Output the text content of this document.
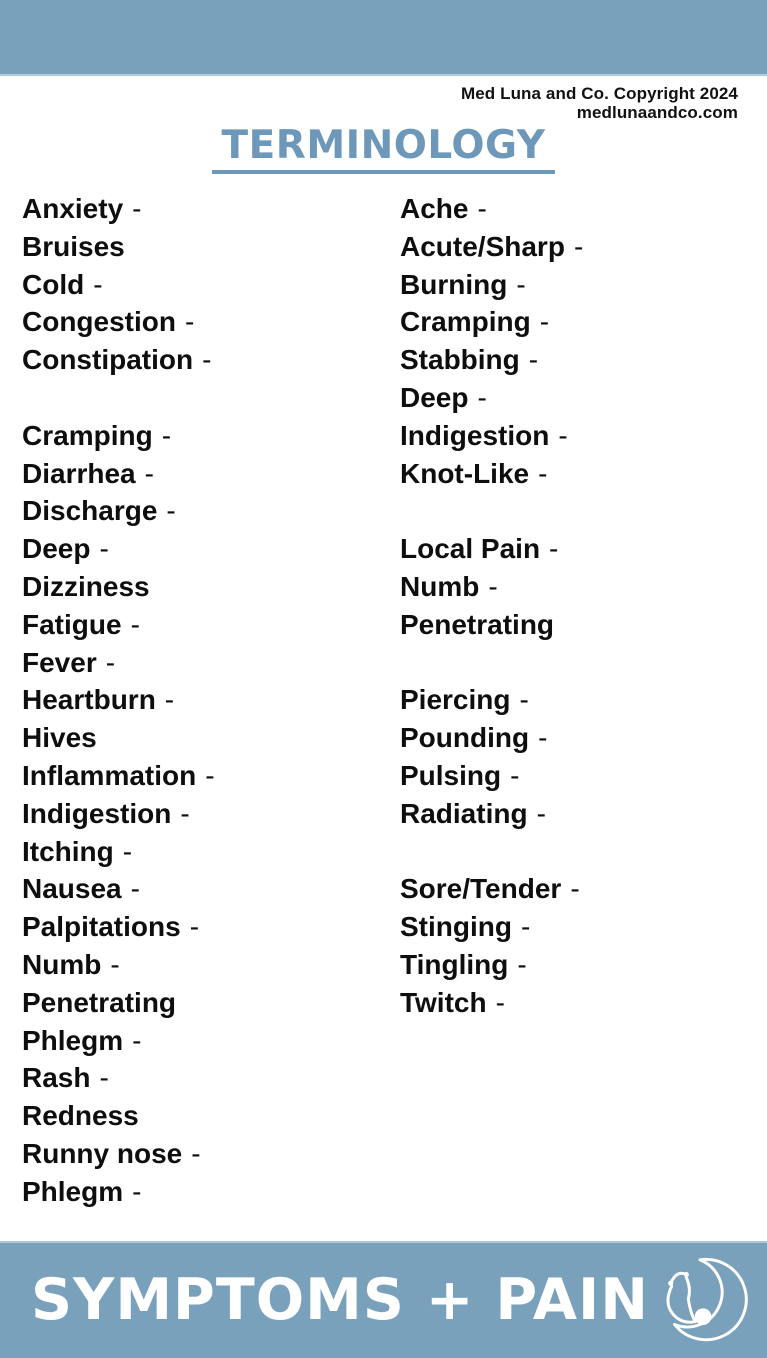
Med Luna and Co. Copyright 2024
medlunaandco.com
TERMINOLOGY
Anxiety -
Bruises
Cold -
Congestion -
Constipation -
Cramping -
Diarrhea -
Discharge -
Deep -
Dizziness
Fatigue -
Fever -
Heartburn -
Hives
Inflammation -
Indigestion -
Itching -
Nausea -
Palpitations -
Numb -
Penetrating
Phlegm -
Rash -
Redness
Runny nose -
Phlegm -
Ache -
Acute/Sharp -
Burning -
Cramping -
Stabbing -
Deep -
Indigestion -
Knot-Like -
Local Pain -
Numb -
Penetrating
Piercing -
Pounding -
Pulsing -
Radiating -
Sore/Tender -
Stinging -
Tingling -
Twitch -
SYMPTOMS + PAIN
